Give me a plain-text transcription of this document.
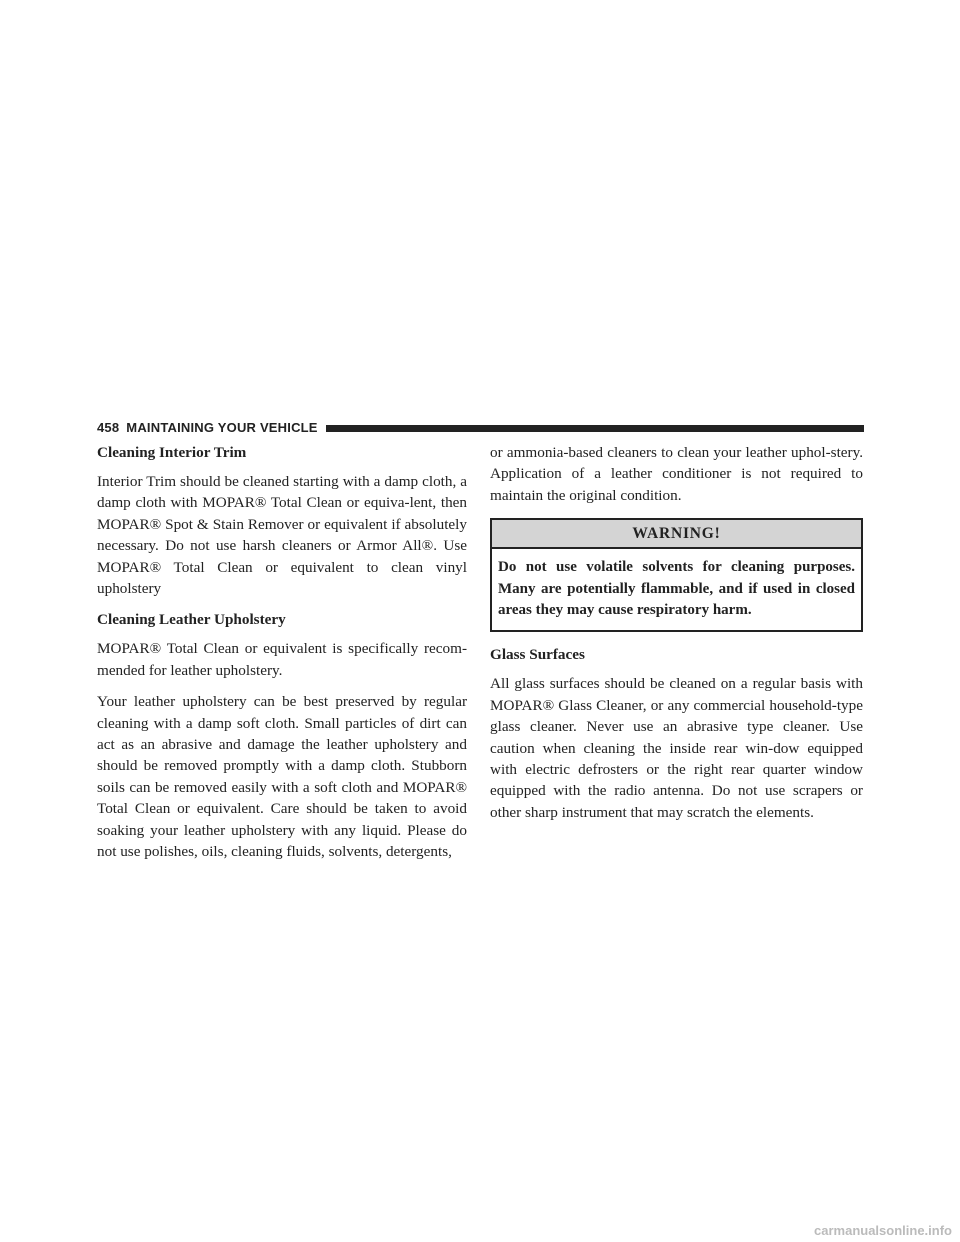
458 MAINTAINING YOUR VEHICLE
Cleaning Interior Trim

Interior Trim should be cleaned starting with a damp cloth, a damp cloth with MOPAR® Total Clean or equiva-lent, then MOPAR® Spot & Stain Remover or equivalent if absolutely necessary. Do not use harsh cleaners or Armor All®. Use MOPAR® Total Clean or equivalent to clean vinyl upholstery

Cleaning Leather Upholstery

MOPAR® Total Clean or equivalent is specifically recom-mended for leather upholstery.

Your leather upholstery can be best preserved by regular cleaning with a damp soft cloth. Small particles of dirt can act as an abrasive and damage the leather upholstery and should be removed promptly with a damp cloth. Stubborn soils can be removed easily with a soft cloth and MOPAR® Total Clean or equivalent. Care should be taken to avoid soaking your leather upholstery with any liquid. Please do not use polishes, oils, cleaning fluids, solvents, detergents,

or ammonia-based cleaners to clean your leather uphol-stery. Application of a leather conditioner is not required to maintain the original condition.

WARNING!
Do not use volatile solvents for cleaning purposes. Many are potentially flammable, and if used in closed areas they may cause respiratory harm.
Glass Surfaces

All glass surfaces should be cleaned on a regular basis with MOPAR® Glass Cleaner, or any commercial household-type glass cleaner. Never use an abrasive type cleaner. Use caution when cleaning the inside rear win-dow equipped with electric defrosters or the right rear quarter window equipped with the radio antenna. Do not use scrapers or other sharp instrument that may scratch the elements.

carmanualsonline.info
